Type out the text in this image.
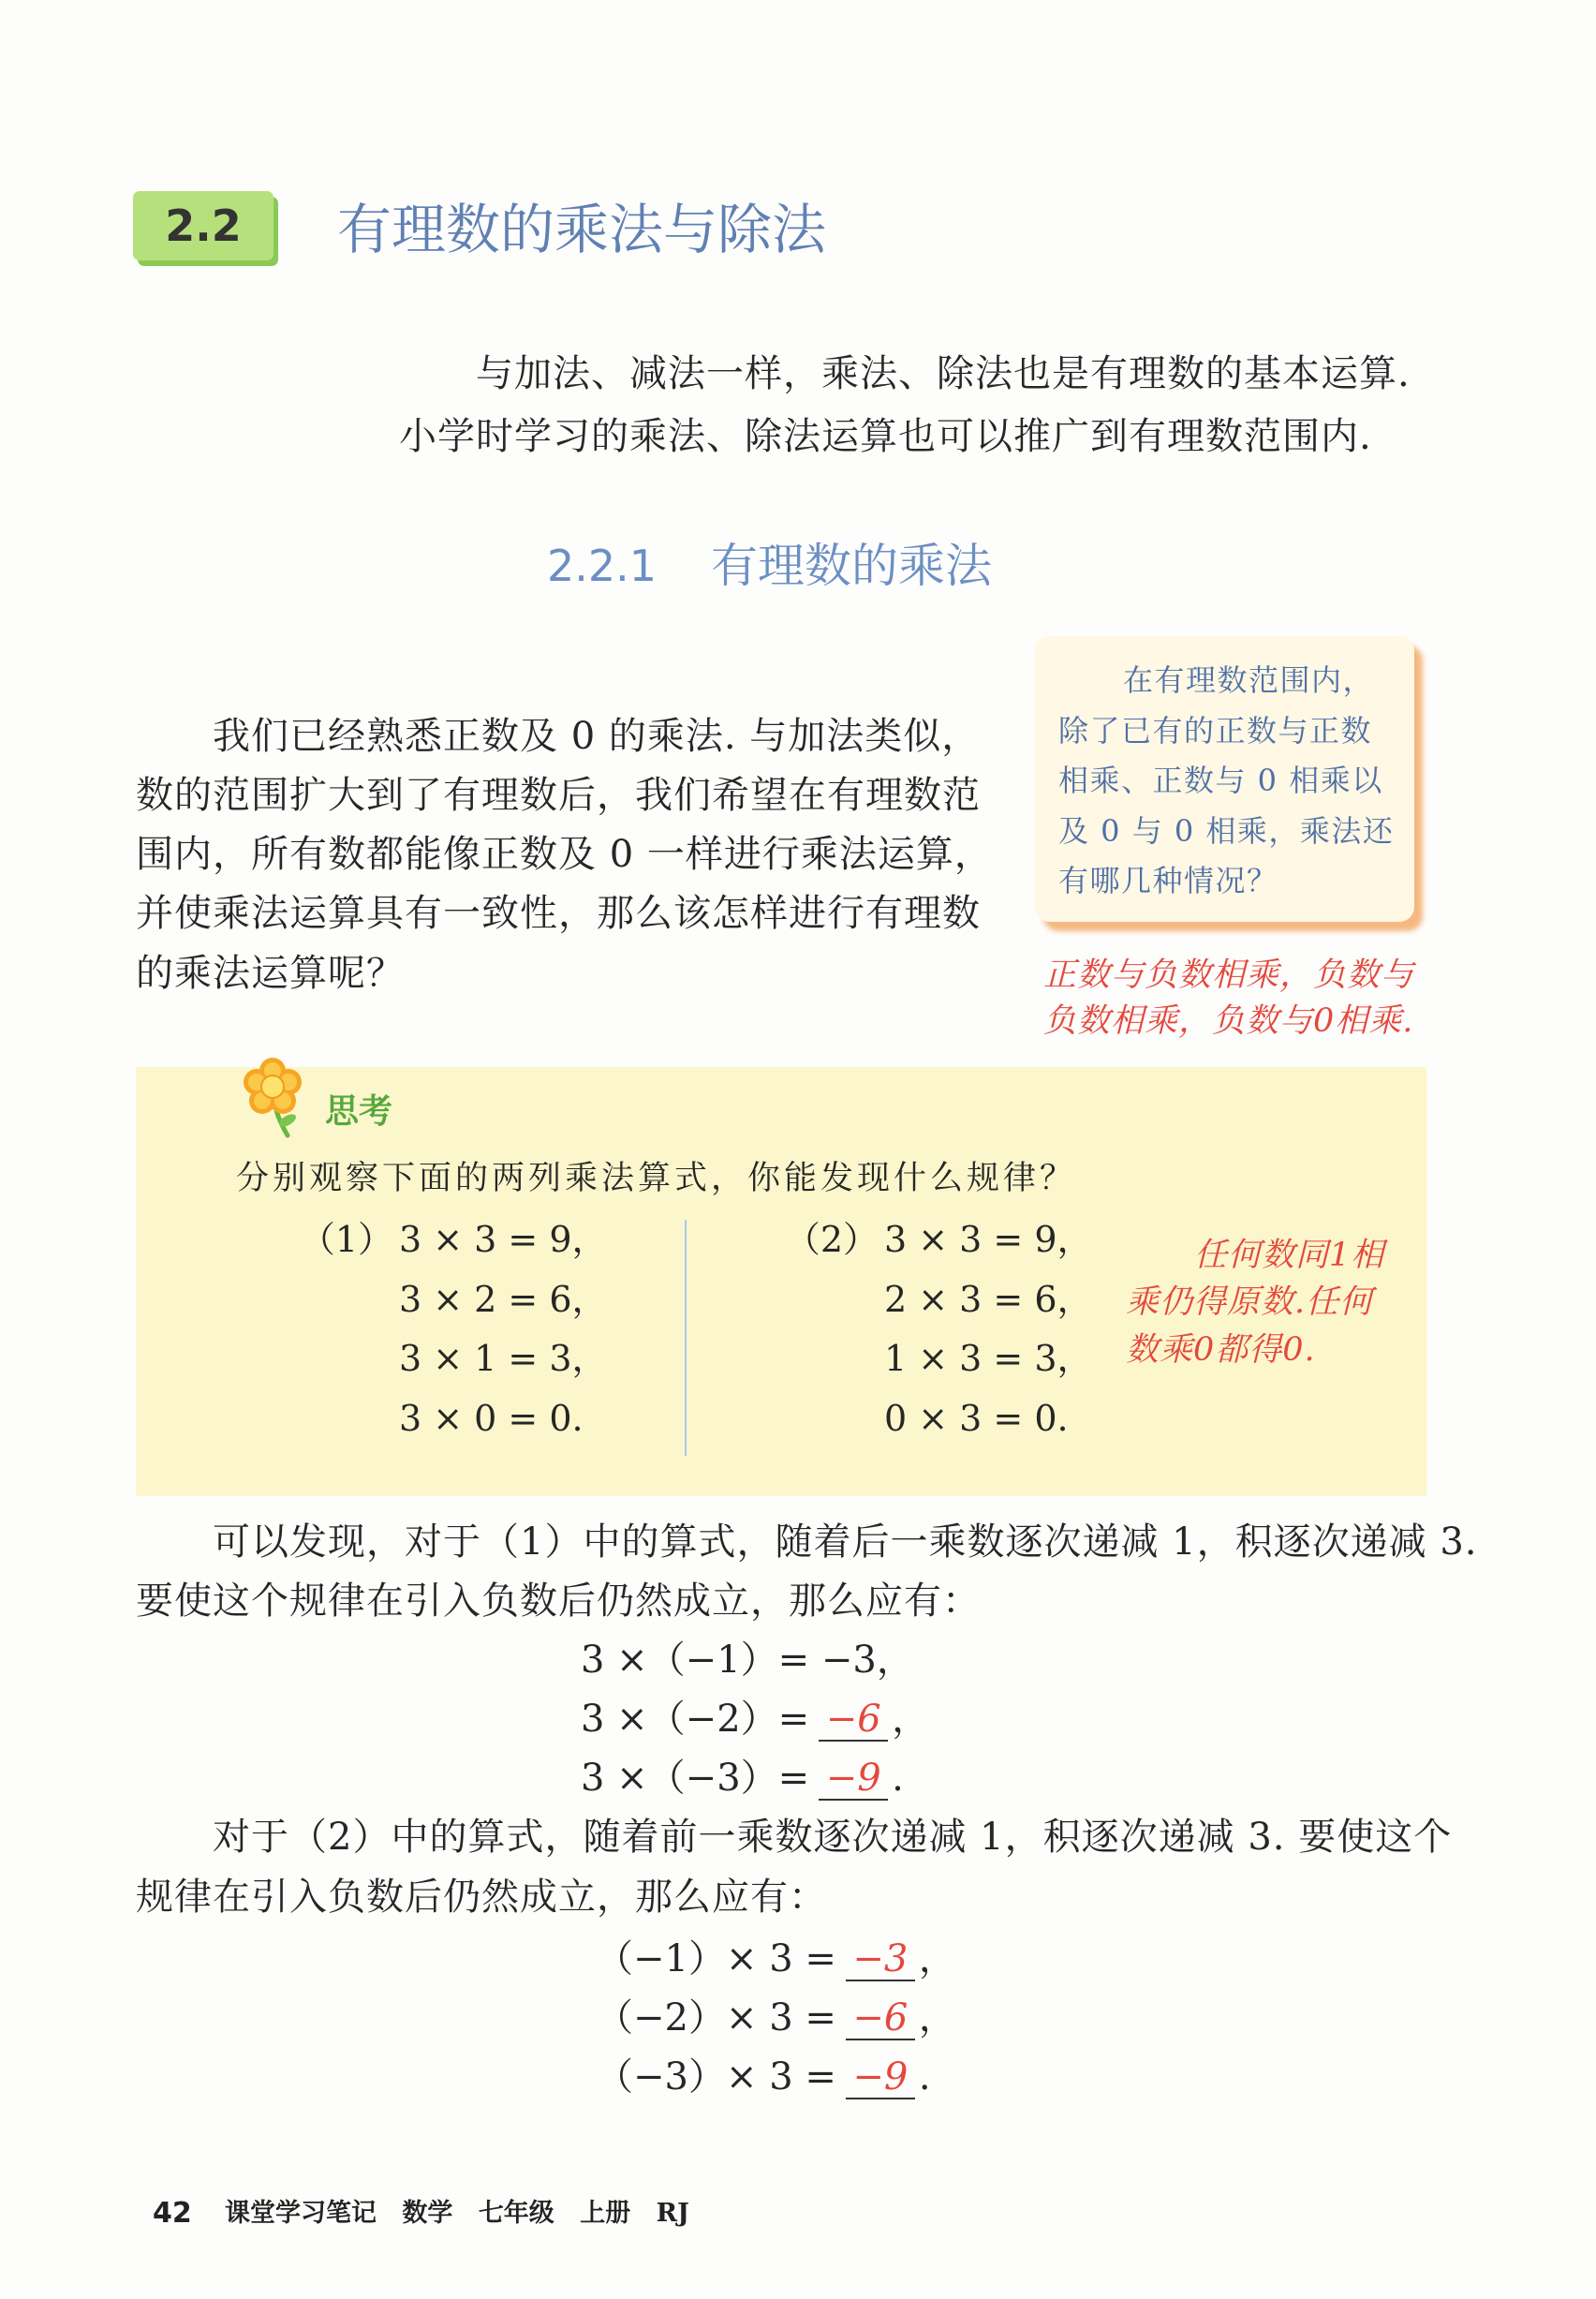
2.2 有理数的乘法与除法
与加法、减法一样，乘法、除法也是有理数的基本运算.
小学时学习的乘法、除法运算也可以推广到有理数范围内.
2.2.1 有理数的乘法
我们已经熟悉正数及 0 的乘法. 与加法类似，
数的范围扩大到了有理数后，我们希望在有理数范
围内，所有数都能像正数及 0 一样进行乘法运算，
并使乘法运算具有一致性，那么该怎样进行有理数
的乘法运算呢？
在有理数范围内，
除了已有的正数与正数
相乘、正数与 0 相乘以
及 0 与 0 相乘，乘法还
有哪几种情况？
正数与负数相乘，负数与
负数相乘，负数与0相乘.
思考
分别观察下面的两列乘法算式，你能发现什么规律？
（1） 3 × 3 = 9，
3 × 2 = 6，
3 × 1 = 3，
3 × 0 = 0.
（2） 3 × 3 = 9，
2 × 3 = 6，
1 × 3 = 3，
0 × 3 = 0.
任何数同1相
乘仍得原数.任何
数乘0都得0.
可以发现，对于（1）中的算式，随着后一乘数逐次递减 1，积逐次递减 3.
要使这个规律在引入负数后仍然成立，那么应有：
3 ×（−1）= −3，
3 ×（−2）= −6 ，
3 ×（−3）= −9 .
对于（2）中的算式，随着前一乘数逐次递减 1，积逐次递减 3. 要使这个
规律在引入负数后仍然成立，那么应有：
（−1）× 3 = −3 ，
（−2）× 3 = −6 ，
（−3）× 3 = −9 .
42 课堂学习笔记 数学 七年级 上册 RJ
